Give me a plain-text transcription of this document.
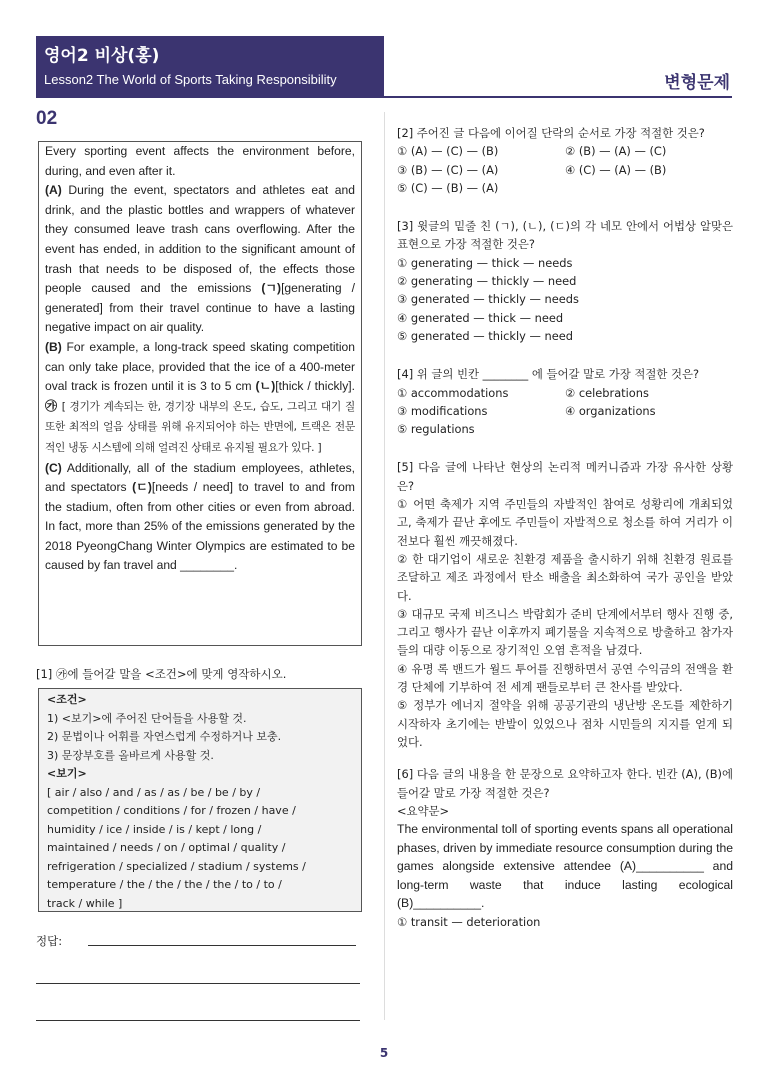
영어2 비상(홍)
Lesson2 The World of Sports Taking Responsibility	변형문제
02

Every sporting event affects the environment before, during, and even after it.

(A) During the event, spectators and athletes eat and drink, and the plastic bottles and wrappers of whatever they consumed leave trash cans overflowing. After the event has ended, in addition to the significant amount of trash that needs to be disposed of, the effects those people caused and the emissions (ㄱ)[generating / generated] from their travel continue to have a lasting negative impact on air quality.

(B) For example, a long-track speed skating competition can only take place, provided that the ice of a 400-meter oval track is frozen until it is 3 to 5 cm (ㄴ)[thick / thickly]. ㉮ [ 경기가 계속되는 한, 경기장 내부의 온도, 습도, 그리고 대기 질 또한 최적의 얼음 상태를 위해 유지되어야 하는 반면에, 트랙은 전문적인 냉동 시스템에 의해 얼려진 상태로 유지될 필요가 있다. ]

(C) Additionally, all of the stadium employees, athletes, and spectators (ㄷ)[needs / need] to travel to and from the stadium, often from other cities or even from abroad. In fact, more than 25% of the emissions generated by the 2018 PyeongChang Winter Olympics are estimated to be caused by fan travel and ________.

[1] ㉮에 들어갈 말을 <조건>에 맞게 영작하시오.
<조건>
1) <보기>에 주어진 단어들을 사용할 것.
2) 문법이나 어휘를 자연스럽게 수정하거나 보충.
3) 문장부호를 올바르게 사용할 것.
<보기>
[ air / also / and / as / as / be / be / by /
competition / conditions / for / frozen / have /
humidity / ice / inside / is / kept / long /
maintained / needs / on / optimal / quality /
refrigeration / specialized / stadium / systems /
temperature / the / the / the / the / to / to /
track / while ]
정답:

[2] 주어진 글 다음에 이어질 단락의 순서로 가장 적절한 것은?

① (A) — (C) — (B)	② (B) — (A) — (C)
③ (B) — (C) — (A)	④ (C) — (A) — (B)
⑤ (C) — (B) — (A)

[3] 윗글의 밑줄 친 (ㄱ), (ㄴ), (ㄷ)의 각 네모 안에서 어법상 알맞은 표현으로 가장 적절한 것은?

① generating — thick — needs
② generating — thickly — need
③ generated — thickly — needs
④ generated — thick — need
⑤ generated — thickly — need

[4] 위 글의 빈칸 ________ 에 들어갈 말로 가장 적절한 것은?

① accommodations	② celebrations
③ modifications	④ organizations
⑤ regulations

[5] 다음 글에 나타난 현상의 논리적 메커니즘과 가장 유사한 상황은?

① 어떤 축제가 지역 주민들의 자발적인 참여로 성황리에 개최되었고, 축제가 끝난 후에도 주민들이 자발적으로 청소를 하여 거리가 이전보다 훨씬 깨끗해졌다.

② 한 대기업이 새로운 친환경 제품을 출시하기 위해 친환경 원료를 조달하고 제조 과정에서 탄소 배출을 최소화하여 국가 공인을 받았다.

③ 대규모 국제 비즈니스 박람회가 준비 단계에서부터 행사 진행 중, 그리고 행사가 끝난 이후까지 폐기물을 지속적으로 방출하고 참가자들의 대량 이동으로 장기적인 오염 흔적을 남겼다.

④ 유명 록 밴드가 월드 투어를 진행하면서 공연 수익금의 전액을 환경 단체에 기부하여 전 세계 팬들로부터 큰 찬사를 받았다.

⑤ 정부가 에너지 절약을 위해 공공기관의 냉난방 온도를 제한하기 시작하자 초기에는 반발이 있었으나 점차 시민들의 지지를 얻게 되었다.

[6] 다음 글의 내용을 한 문장으로 요약하고자 한다. 빈칸 (A), (B)에 들어갈 말로 가장 적절한 것은?

<요약문>
The environmental toll of sporting events spans all operational phases, driven by immediate resource consumption during the games alongside extensive attendee (A)__________ and long-term waste that induce lasting ecological (B)__________.
① transit — deterioration
5
